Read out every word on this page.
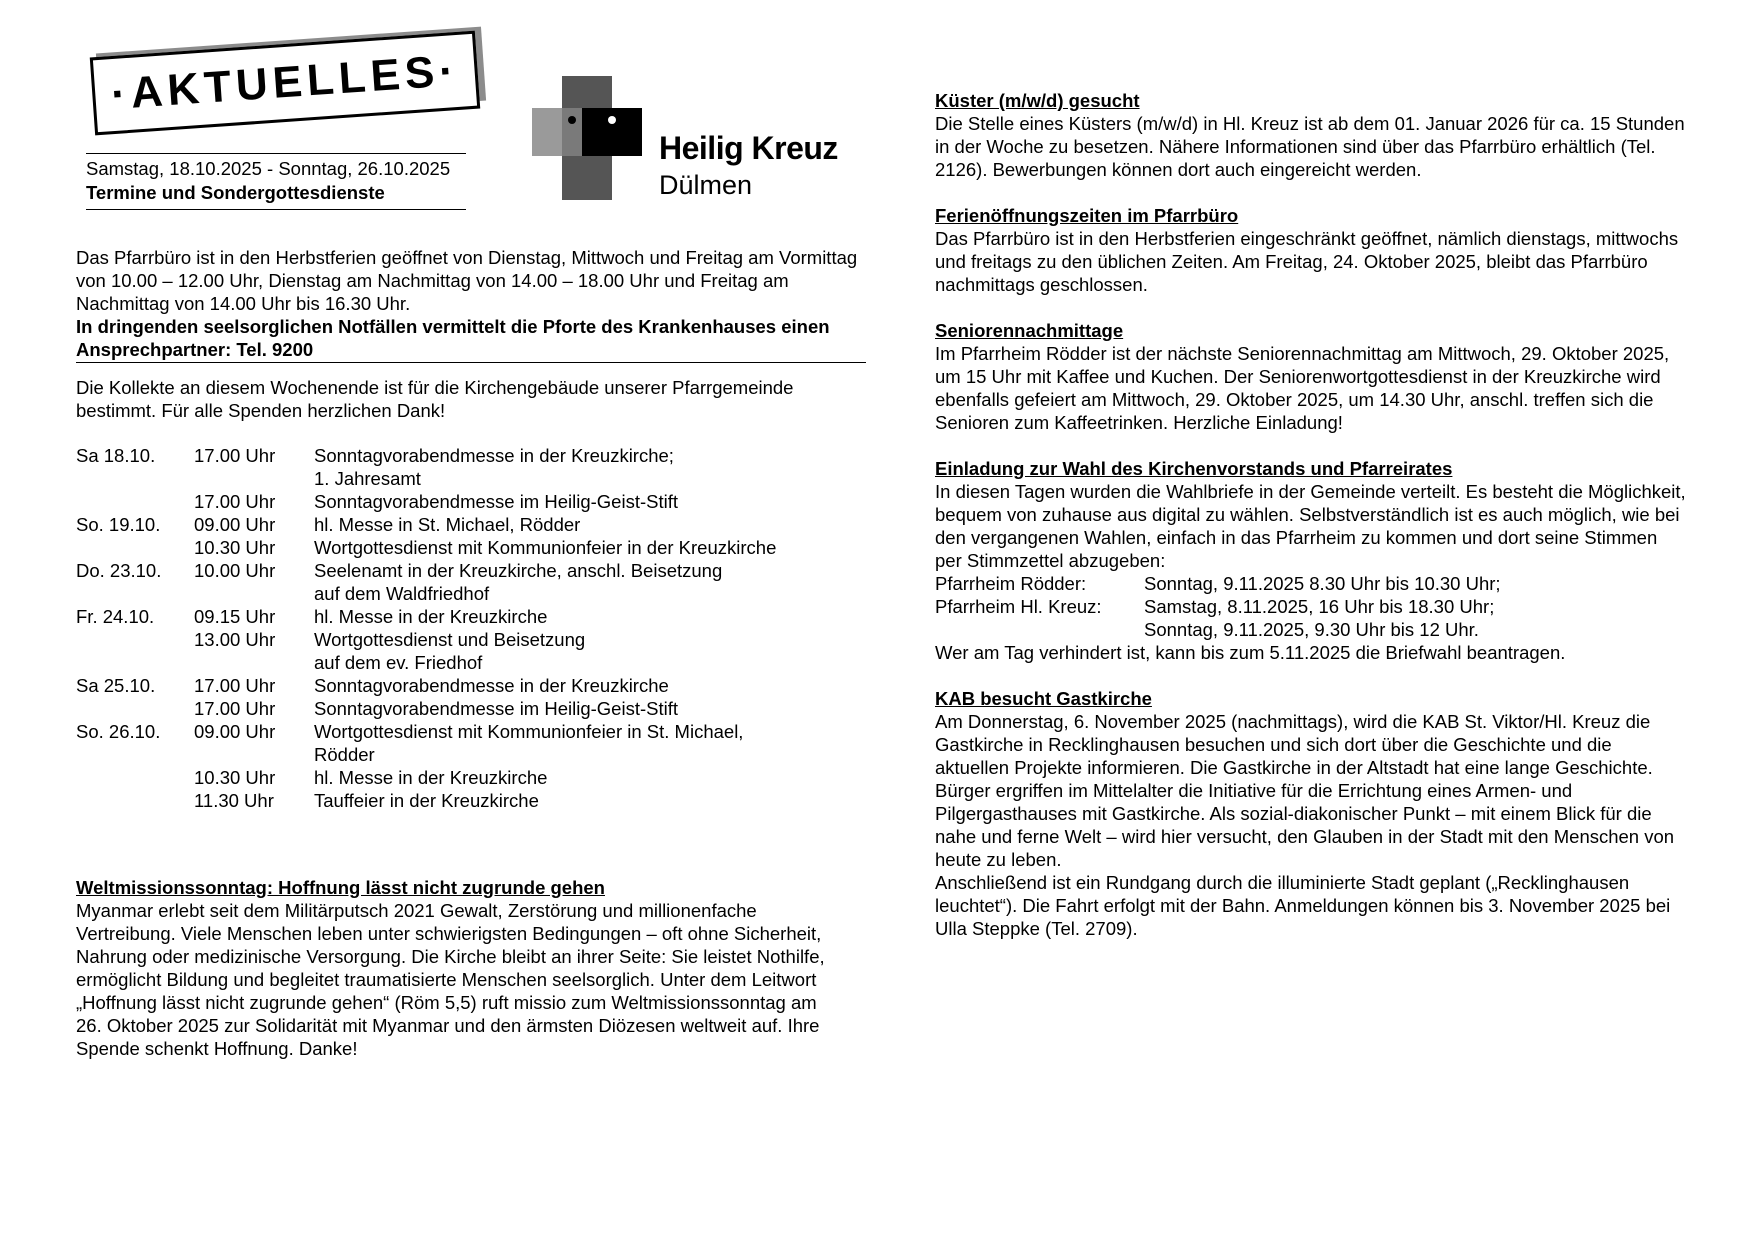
·AKTUELLES·
Samstag, 18.10.2025 - Sonntag, 26.10.2025
Termine und Sondergottesdienste
Heilig Kreuz
Dülmen
Das Pfarrbüro ist in den Herbstferien geöffnet von Dienstag, Mittwoch und Freitag am Vormittag von 10.00 – 12.00 Uhr, Dienstag am Nachmittag von 14.00 – 18.00 Uhr und Freitag am Nachmittag von 14.00 Uhr bis 16.30 Uhr.
In dringenden seelsorglichen Notfällen vermittelt die Pforte des Krankenhauses einen Ansprechpartner: Tel. 9200
Die Kollekte an diesem Wochenende ist für die Kirchengebäude unserer Pfarrgemeinde bestimmt. Für alle Spenden herzlichen Dank!
Sa 18.10.	17.00 Uhr	Sonntagvorabendmesse in der Kreuzkirche;
1. Jahresamt
17.00 Uhr	Sonntagvorabendmesse im Heilig-Geist-Stift
So. 19.10.	09.00 Uhr	hl. Messe in St. Michael, Rödder
10.30 Uhr	Wortgottesdienst mit Kommunionfeier in der Kreuzkirche
Do. 23.10.	10.00 Uhr	Seelenamt in der Kreuzkirche, anschl. Beisetzung
auf dem Waldfriedhof
Fr. 24.10.	09.15 Uhr	hl. Messe in der Kreuzkirche
13.00 Uhr	Wortgottesdienst und Beisetzung
auf dem ev. Friedhof
Sa 25.10.	17.00 Uhr	Sonntagvorabendmesse in der Kreuzkirche
17.00 Uhr	Sonntagvorabendmesse im Heilig-Geist-Stift
So. 26.10.	09.00 Uhr	Wortgottesdienst mit Kommunionfeier in St. Michael,
Rödder
10.30 Uhr	hl. Messe in der Kreuzkirche
11.30 Uhr	Tauffeier in der Kreuzkirche
Weltmissionssonntag: Hoffnung lässt nicht zugrunde gehen
Myanmar erlebt seit dem Militärputsch 2021 Gewalt, Zerstörung und millionenfache Vertreibung. Viele Menschen leben unter schwierigsten Bedingungen – oft ohne Sicherheit, Nahrung oder medizinische Versorgung. Die Kirche bleibt an ihrer Seite: Sie leistet Nothilfe, ermöglicht Bildung und begleitet traumatisierte Menschen seelsorglich. Unter dem Leitwort „Hoffnung lässt nicht zugrunde gehen“ (Röm 5,5) ruft missio zum Weltmissionssonntag am 26. Oktober 2025 zur Solidarität mit Myanmar und den ärmsten Diözesen weltweit auf. Ihre Spende schenkt Hoffnung. Danke!
Küster (m/w/d) gesucht
Die Stelle eines Küsters (m/w/d) in Hl. Kreuz ist ab dem 01. Januar 2026 für ca. 15 Stunden in der Woche zu besetzen. Nähere Informationen sind über das Pfarrbüro erhältlich (Tel. 2126). Bewerbungen können dort auch eingereicht werden.
Ferienöffnungszeiten im Pfarrbüro
Das Pfarrbüro ist in den Herbstferien eingeschränkt geöffnet, nämlich dienstags, mittwochs und freitags zu den üblichen Zeiten. Am Freitag, 24. Oktober 2025, bleibt das Pfarrbüro nachmittags geschlossen.
Seniorennachmittage
Im Pfarrheim Rödder ist der nächste Seniorennachmittag am Mittwoch, 29. Oktober 2025, um 15 Uhr mit Kaffee und Kuchen. Der Seniorenwortgottesdienst in der Kreuzkirche wird ebenfalls gefeiert am Mittwoch, 29. Oktober 2025, um 14.30 Uhr, anschl. treffen sich die Senioren zum Kaffeetrinken. Herzliche Einladung!
Einladung zur Wahl des Kirchenvorstands und Pfarreirates
In diesen Tagen wurden die Wahlbriefe in der Gemeinde verteilt. Es besteht die Möglichkeit, bequem von zuhause aus digital zu wählen. Selbstverständlich ist es auch möglich, wie bei den vergangenen Wahlen, einfach in das Pfarrheim zu kommen und dort seine Stimmen per Stimmzettel abzugeben:
Pfarrheim Rödder:	Sonntag, 9.11.2025 8.30 Uhr bis 10.30 Uhr;
Pfarrheim Hl. Kreuz:	Samstag, 8.11.2025, 16 Uhr bis 18.30 Uhr;
Sonntag, 9.11.2025, 9.30 Uhr bis 12 Uhr.
Wer am Tag verhindert ist, kann bis zum 5.11.2025 die Briefwahl beantragen.
KAB besucht Gastkirche
Am Donnerstag, 6. November 2025 (nachmittags), wird die KAB St. Viktor/Hl. Kreuz die Gastkirche in Recklinghausen besuchen und sich dort über die Geschichte und die aktuellen Projekte informieren. Die Gastkirche in der Altstadt hat eine lange Geschichte. Bürger ergriffen im Mittelalter die Initiative für die Errichtung eines Armen- und Pilgergasthauses mit Gastkirche. Als sozial-diakonischer Punkt – mit einem Blick für die nahe und ferne Welt – wird hier versucht, den Glauben in der Stadt mit den Menschen von heute zu leben.
Anschließend ist ein Rundgang durch die illuminierte Stadt geplant („Recklinghausen leuchtet“). Die Fahrt erfolgt mit der Bahn. Anmeldungen können bis 3. November 2025 bei Ulla Steppke (Tel. 2709).
